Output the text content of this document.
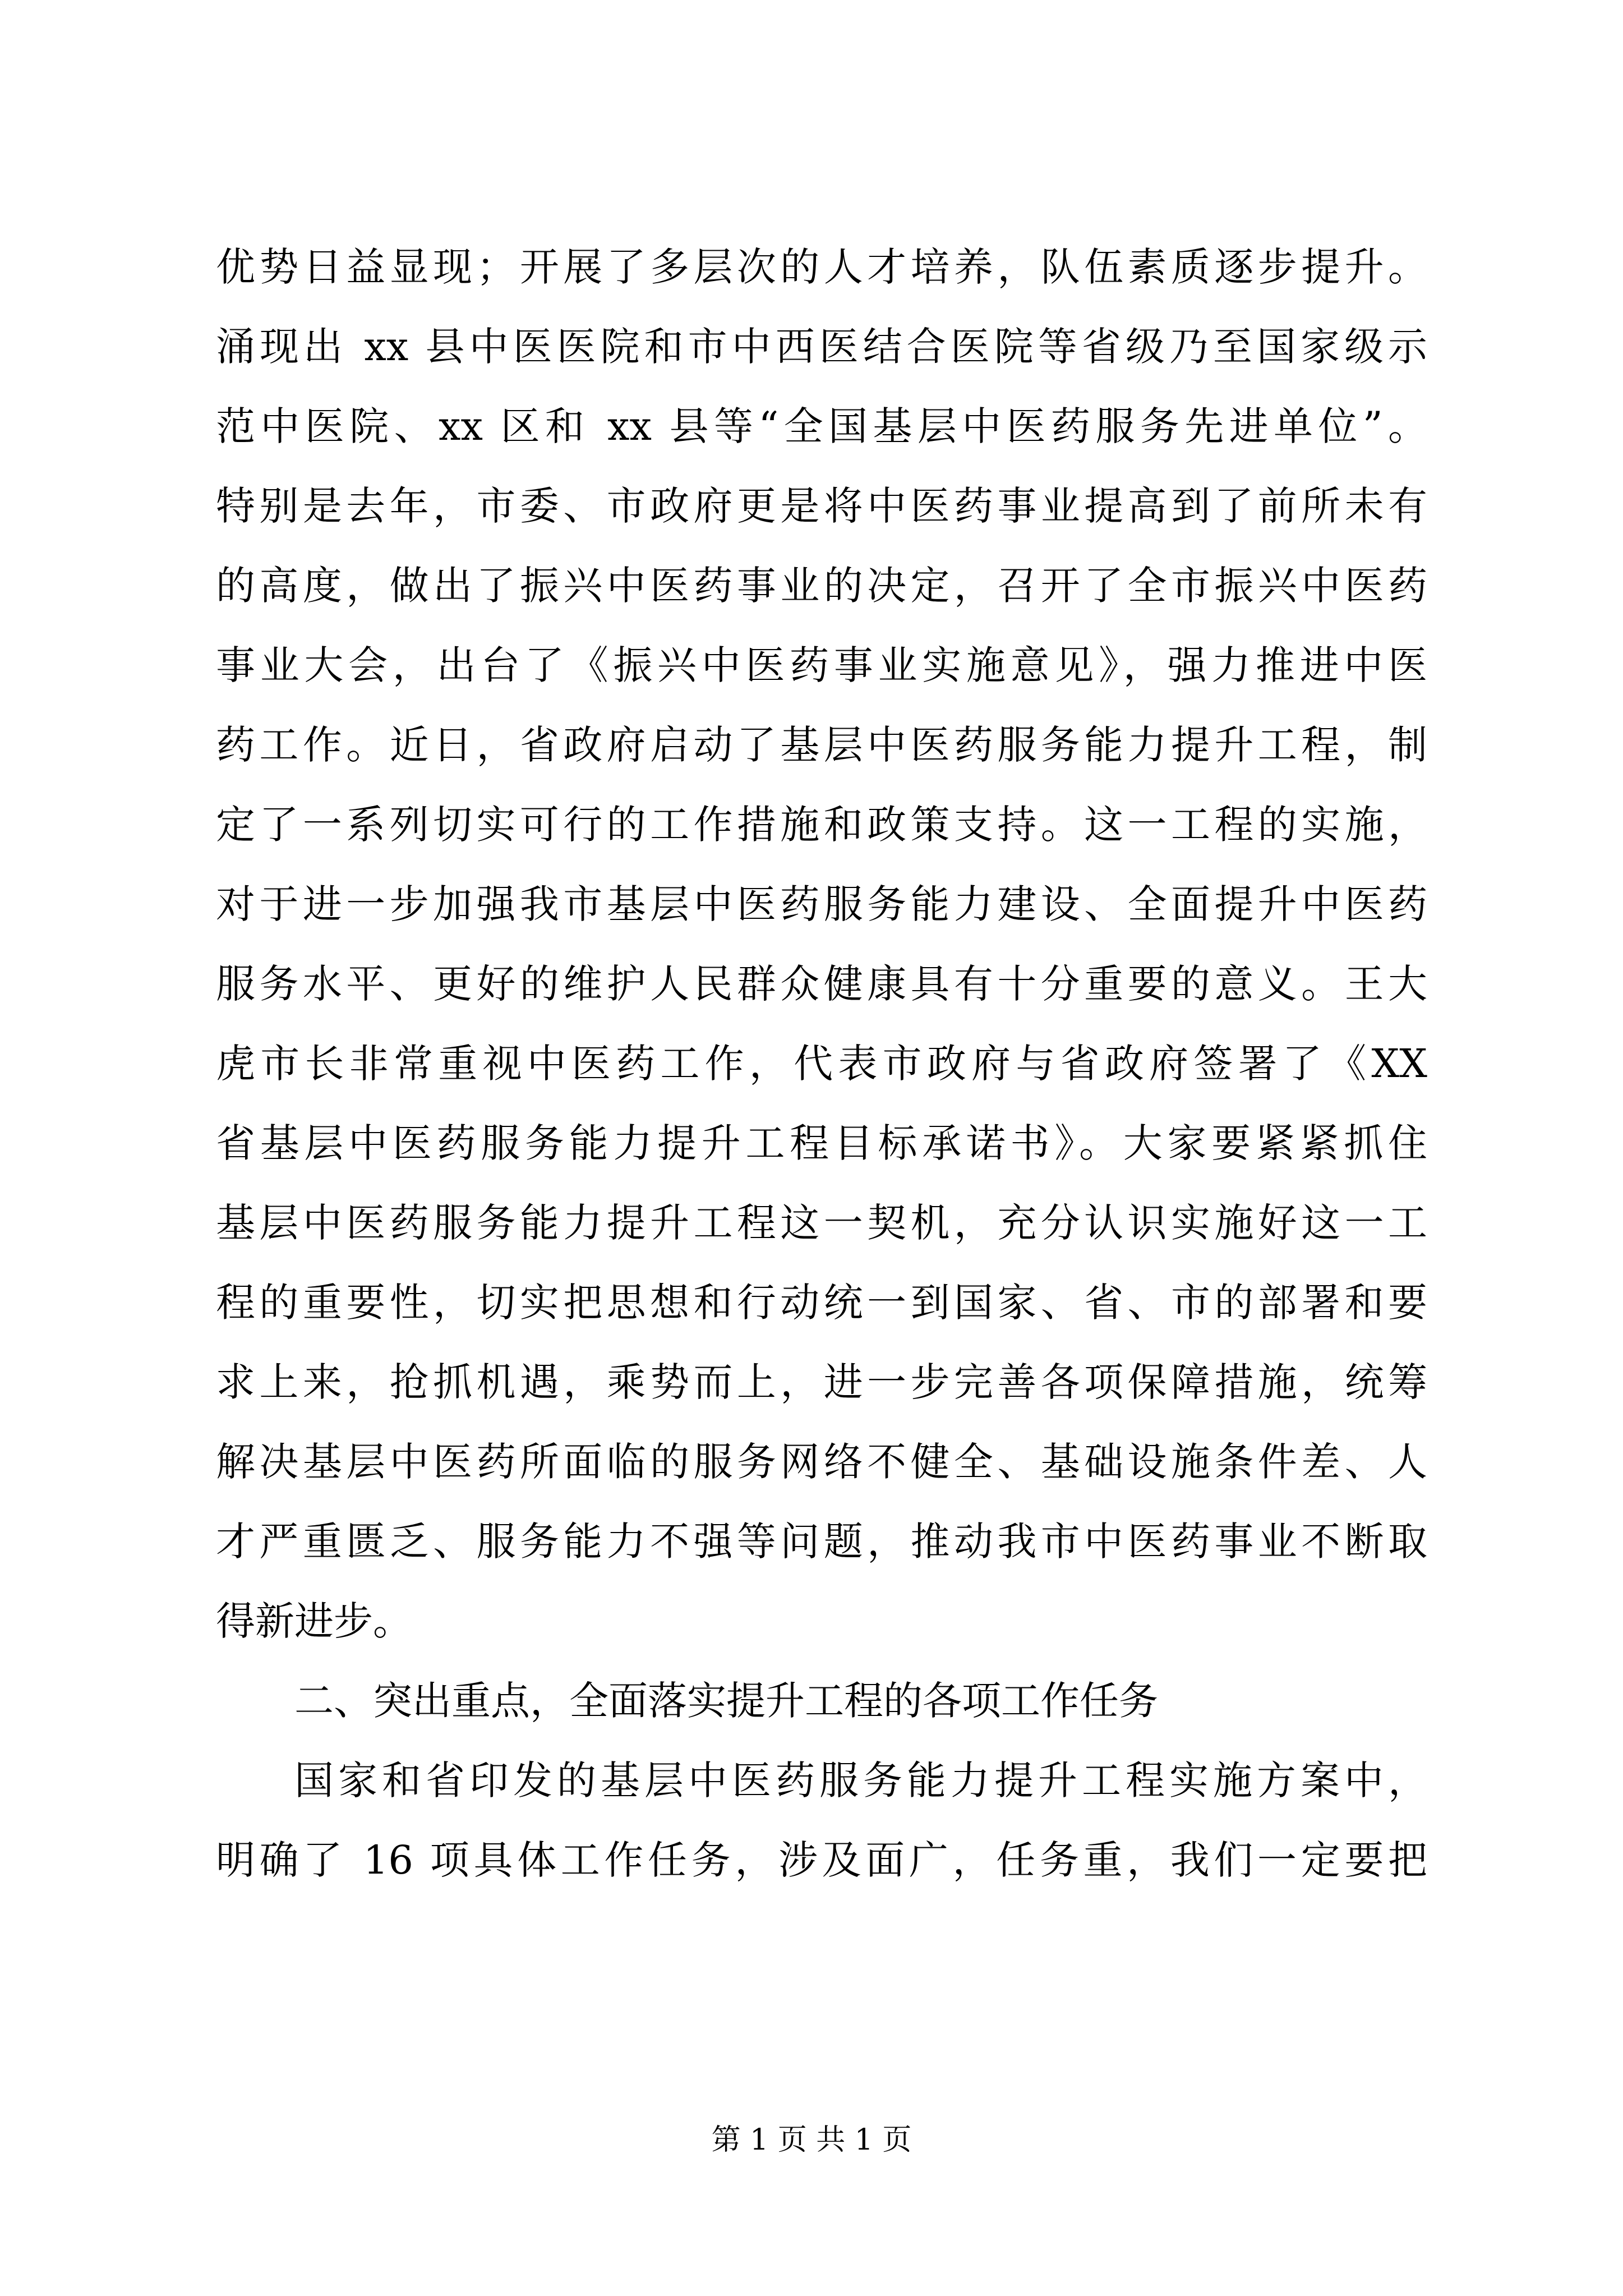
优势日益显现；开展了多层次的人才培养，队伍素质逐步提升。
涌现出 xx 县中医医院和市中西医结合医院等省级乃至国家级示
范中医院、xx 区和 xx 县等“全国基层中医药服务先进单位”。
特别是去年，市委、市政府更是将中医药事业提高到了前所未有
的高度，做出了振兴中医药事业的决定，召开了全市振兴中医药
事业大会，出台了《振兴中医药事业实施意见》，强力推进中医
药工作。近日，省政府启动了基层中医药服务能力提升工程，制
定了一系列切实可行的工作措施和政策支持。这一工程的实施，
对于进一步加强我市基层中医药服务能力建设、全面提升中医药
服务水平、更好的维护人民群众健康具有十分重要的意义。王大
虎市长非常重视中医药工作，代表市政府与省政府签署了《XX
省基层中医药服务能力提升工程目标承诺书》。大家要紧紧抓住
基层中医药服务能力提升工程这一契机，充分认识实施好这一工
程的重要性，切实把思想和行动统一到国家、省、市的部署和要
求上来，抢抓机遇，乘势而上，进一步完善各项保障措施，统筹
解决基层中医药所面临的服务网络不健全、基础设施条件差、人
才严重匮乏、服务能力不强等问题，推动我市中医药事业不断取
得新进步。
二、突出重点，全面落实提升工程的各项工作任务
国家和省印发的基层中医药服务能力提升工程实施方案中，
明确了 16 项具体工作任务，涉及面广，任务重，我们一定要把
第 1 页 共 1 页
